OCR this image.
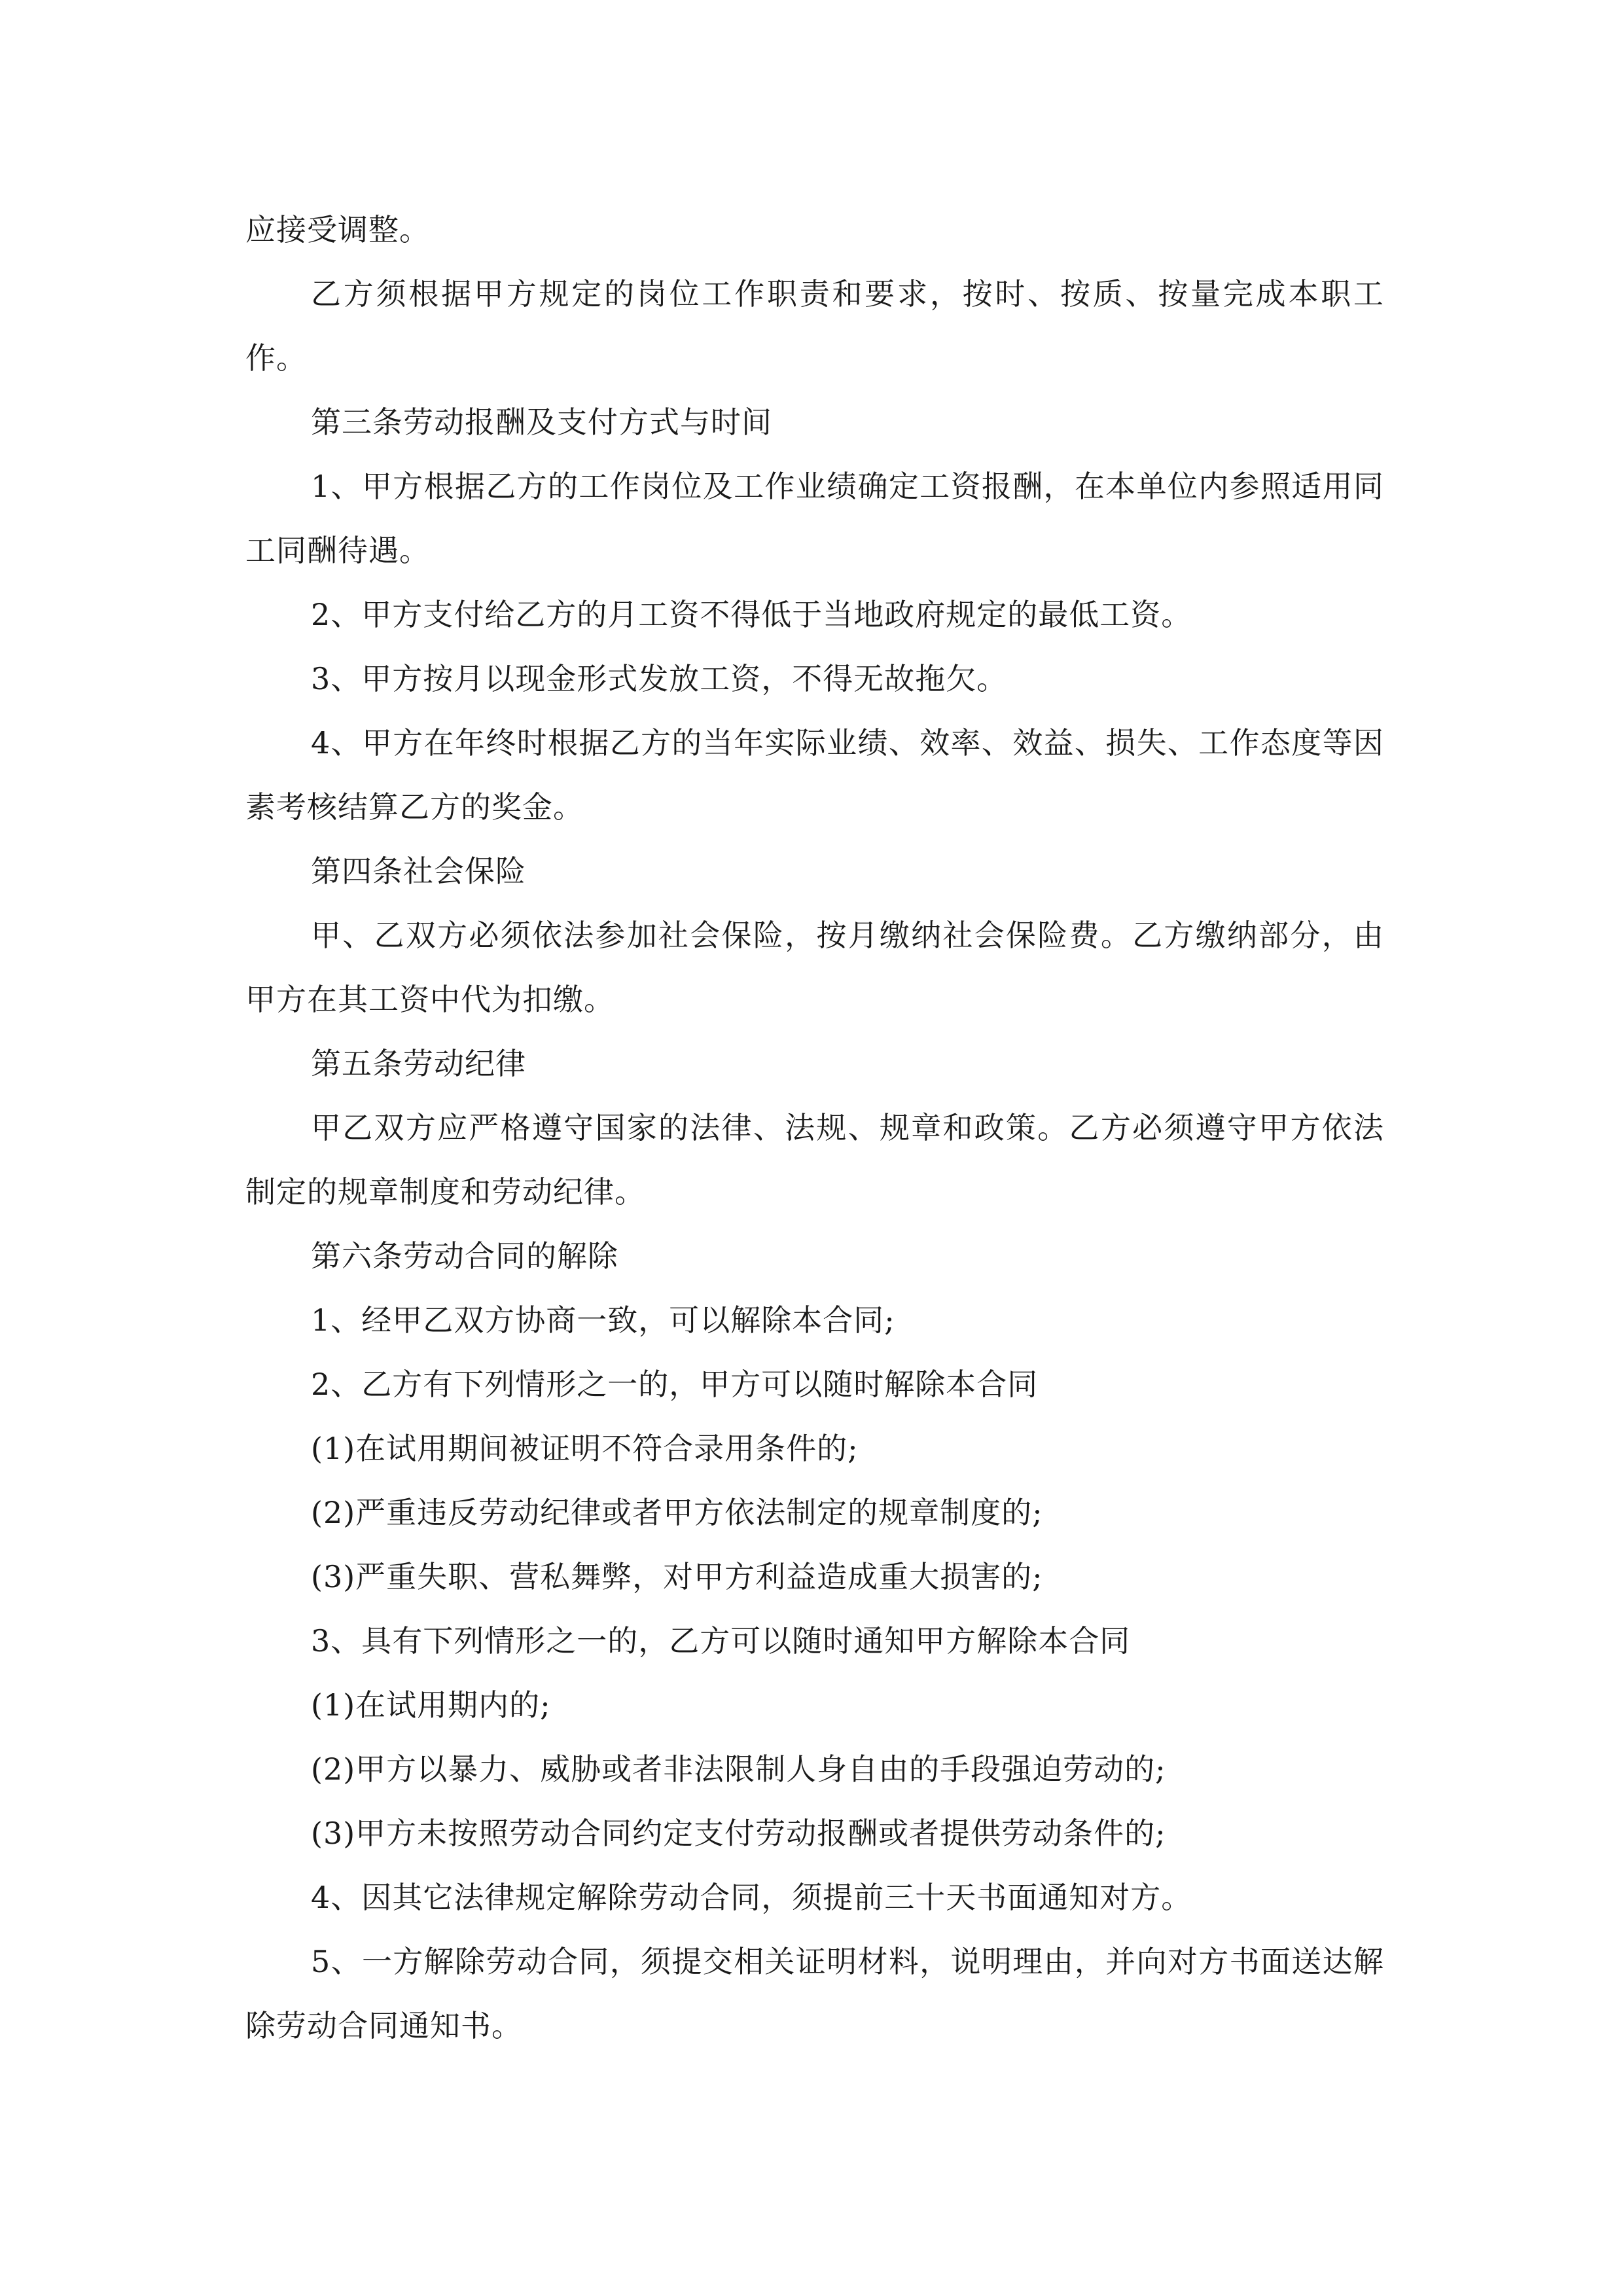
应接受调整。

乙方须根据甲方规定的岗位工作职责和要求，按时、按质、按量完成本职工作。

第三条劳动报酬及支付方式与时间

1、甲方根据乙方的工作岗位及工作业绩确定工资报酬，在本单位内参照适用同工同酬待遇。

2、甲方支付给乙方的月工资不得低于当地政府规定的最低工资。

3、甲方按月以现金形式发放工资，不得无故拖欠。

4、甲方在年终时根据乙方的当年实际业绩、效率、效益、损失、工作态度等因素考核结算乙方的奖金。

第四条社会保险

甲、乙双方必须依法参加社会保险，按月缴纳社会保险费。乙方缴纳部分，由甲方在其工资中代为扣缴。

第五条劳动纪律

甲乙双方应严格遵守国家的法律、法规、规章和政策。乙方必须遵守甲方依法制定的规章制度和劳动纪律。

第六条劳动合同的解除

1、经甲乙双方协商一致，可以解除本合同;

2、乙方有下列情形之一的，甲方可以随时解除本合同

(1)在试用期间被证明不符合录用条件的;

(2)严重违反劳动纪律或者甲方依法制定的规章制度的;

(3)严重失职、营私舞弊，对甲方利益造成重大损害的;

3、具有下列情形之一的，乙方可以随时通知甲方解除本合同

(1)在试用期内的;

(2)甲方以暴力、威胁或者非法限制人身自由的手段强迫劳动的;

(3)甲方未按照劳动合同约定支付劳动报酬或者提供劳动条件的;

4、因其它法律规定解除劳动合同，须提前三十天书面通知对方。

5、一方解除劳动合同，须提交相关证明材料，说明理由，并向对方书面送达解除劳动合同通知书。
